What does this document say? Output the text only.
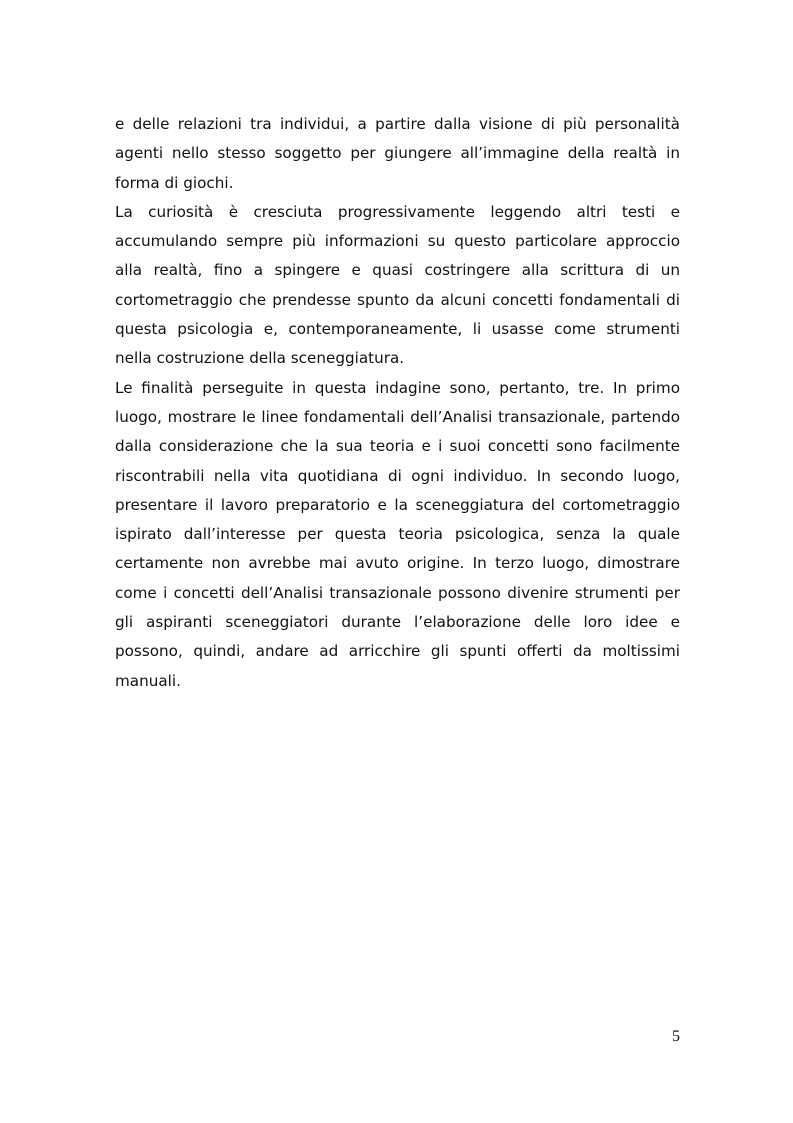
e delle relazioni tra individui, a partire dalla visione di più personalità agenti nello stesso soggetto per giungere all’immagine della realtà in forma di giochi.

La curiosità è cresciuta progressivamente leggendo altri testi e accumulando sempre più informazioni su questo particolare approccio alla realtà, fino a spingere e quasi costringere alla scrittura di un cortometraggio che prendesse spunto da alcuni concetti fondamentali di questa psicologia e, contemporaneamente, li usasse come strumenti nella costruzione della sceneggiatura.

Le finalità perseguite in questa indagine sono, pertanto, tre. In primo luogo, mostrare le linee fondamentali dell’Analisi transazionale, partendo dalla considerazione che la sua teoria e i suoi concetti sono facilmente riscontrabili nella vita quotidiana di ogni individuo. In secondo luogo, presentare il lavoro preparatorio e la sceneggiatura del cortometraggio ispirato dall’interesse per questa teoria psicologica, senza la quale certamente non avrebbe mai avuto origine. In terzo luogo, dimostrare come i concetti dell’Analisi transazionale possono divenire strumenti per gli aspiranti sceneggiatori durante l’elaborazione delle loro idee e possono, quindi, andare ad arricchire gli spunti offerti da moltissimi manuali.

5
